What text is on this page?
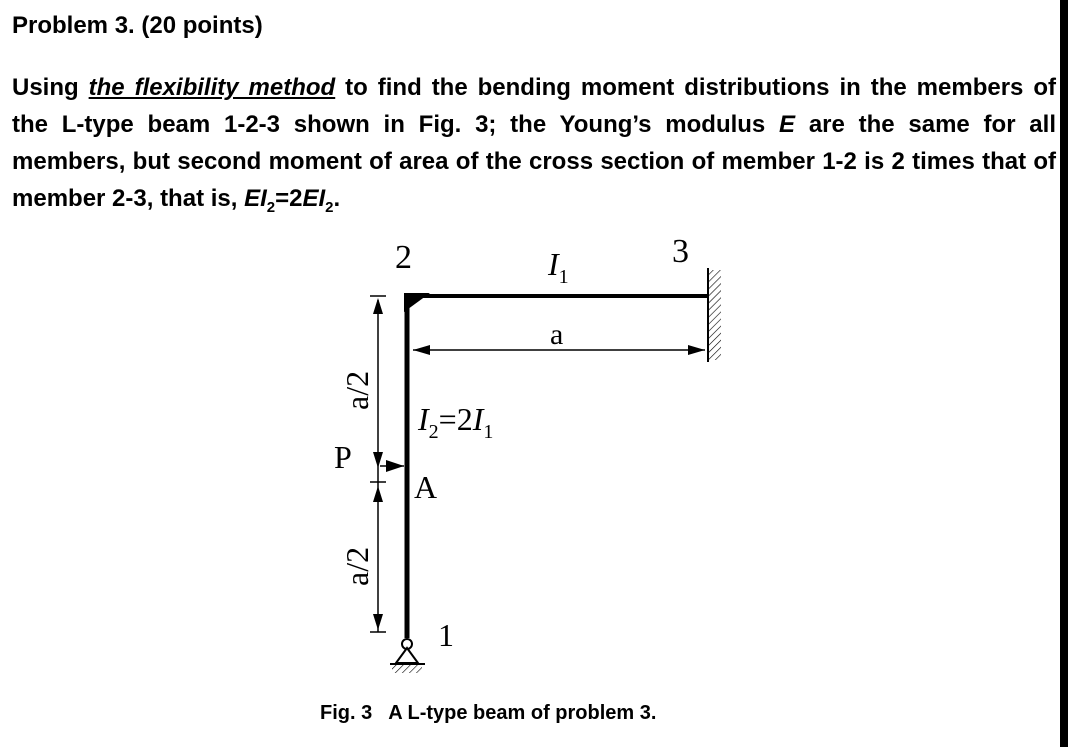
Problem 3. (20 points)
Using the flexibility method to find the bending moment distributions in the members of the L-type beam 1-2-3 shown in Fig. 3; the Young’s modulus E are the same for all members, but second moment of area of the cross section of member 1-2 is 2 times that of member 2-3, that is, $EI_2=2EI_2$.
2	3
1
$I_1$
a
$I_2=2I_1$
P
A
a/2
a/2
Fig. 3 A L-type beam of problem 3.
